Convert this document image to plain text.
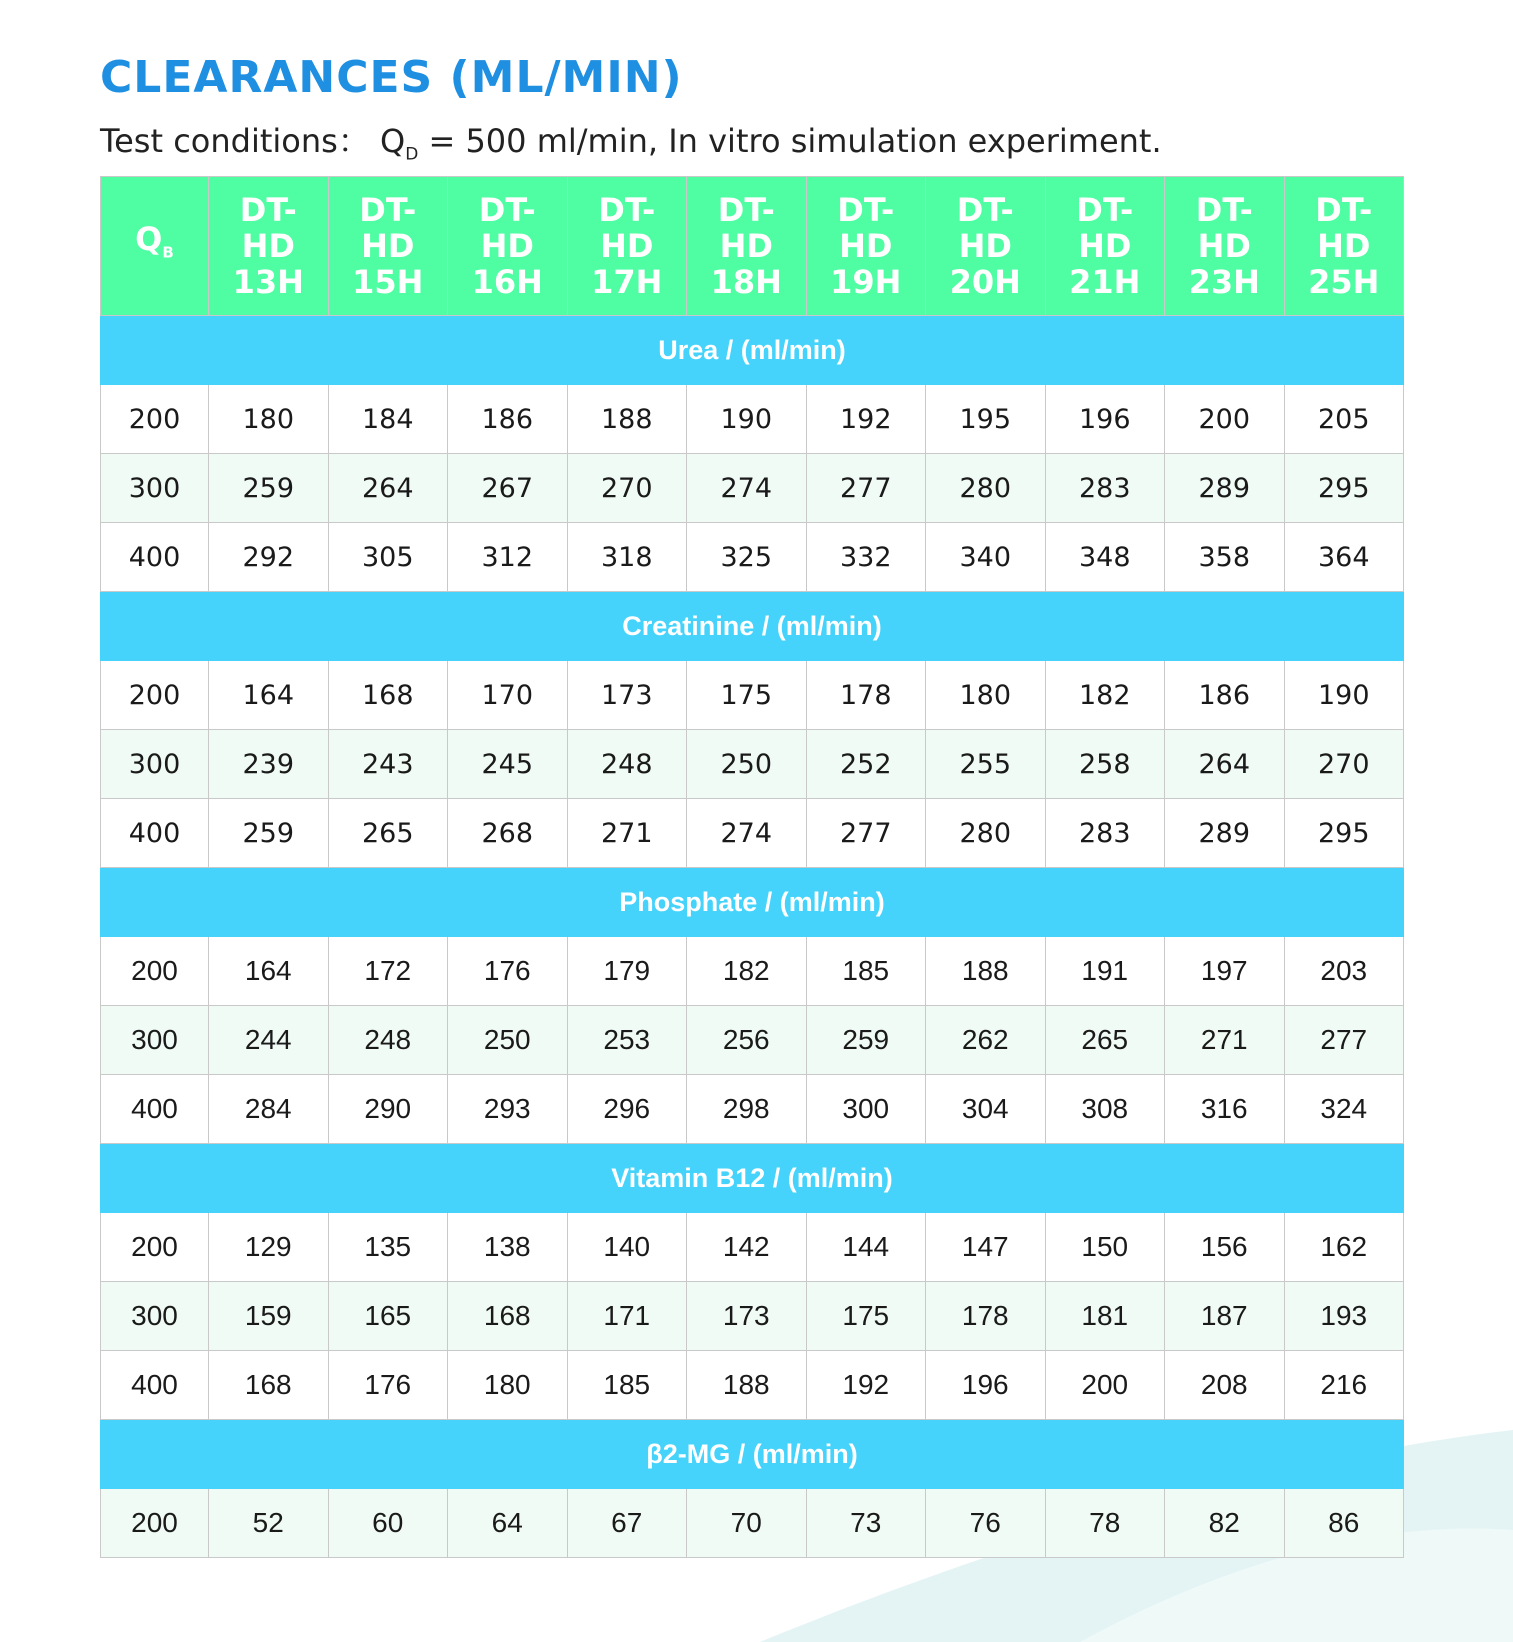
CLEARANCES (ML/MIN)

Test conditions： $Q_D = 500$ ml/min, In vitro simulation experiment.

$Q_B$	DT-HD 13H	DT-HD 15H	DT-HD 16H	DT-HD 17H	DT-HD 18H	DT-HD 19H	DT-HD 20H	DT-HD 21H	DT-HD 23H	DT-HD 25H
Urea / (ml/min)										
200	180	184	186	188	190	192	195	196	200	205
300	259	264	267	270	274	277	280	283	289	295
400	292	305	312	318	325	332	340	348	358	364
Creatinine / (ml/min)										
200	164	168	170	173	175	178	180	182	186	190
300	239	243	245	248	250	252	255	258	264	270
400	259	265	268	271	274	277	280	283	289	295
Phosphate / (ml/min)										
200	164	172	176	179	182	185	188	191	197	203
300	244	248	250	253	256	259	262	265	271	277
400	284	290	293	296	298	300	304	308	316	324
Vitamin B12 / (ml/min)										
200	129	135	138	140	142	144	147	150	156	162
300	159	165	168	171	173	175	178	181	187	193
400	168	176	180	185	188	192	196	200	208	216
β2-MG / (ml/min)										
200	52	60	64	67	70	73	76	78	82	86
